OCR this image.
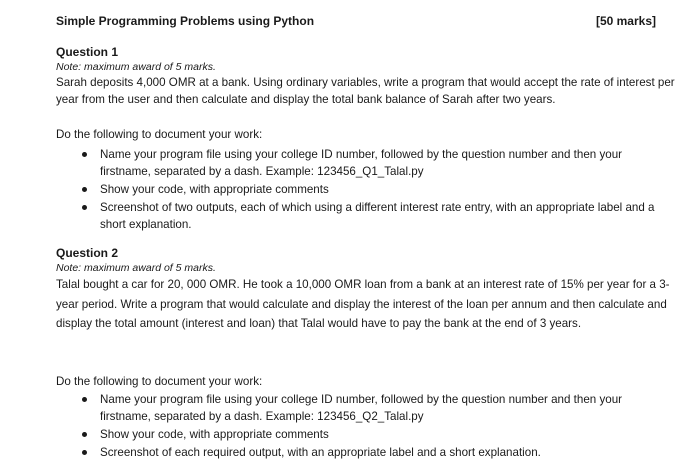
Simple Programming Problems using Python	[50 marks]
Question 1
Note: maximum award of 5 marks.
Sarah deposits 4,000 OMR at a bank. Using ordinary variables, write a program that would accept the rate of interest per year from the user and then calculate and display the total bank balance of Sarah after two years.
Do the following to document your work:
Name your program file using your college ID number, followed by the question number and then your firstname, separated by a dash. Example: 123456_Q1_Talal.py
Show your code, with appropriate comments
Screenshot of two outputs, each of which using a different interest rate entry, with an appropriate label and a short explanation.
Question 2
Note: maximum award of 5 marks.
Talal bought a car for 20, 000 OMR. He took a 10,000 OMR loan from a bank at an interest rate of 15% per year for a 3-year period. Write a program that would calculate and display the interest of the loan per annum and then calculate and display the total amount (interest and loan) that Talal would have to pay the bank at the end of 3 years.
Do the following to document your work:
Name your program file using your college ID number, followed by the question number and then your firstname, separated by a dash. Example: 123456_Q2_Talal.py
Show your code, with appropriate comments
Screenshot of each required output, with an appropriate label and a short explanation.
